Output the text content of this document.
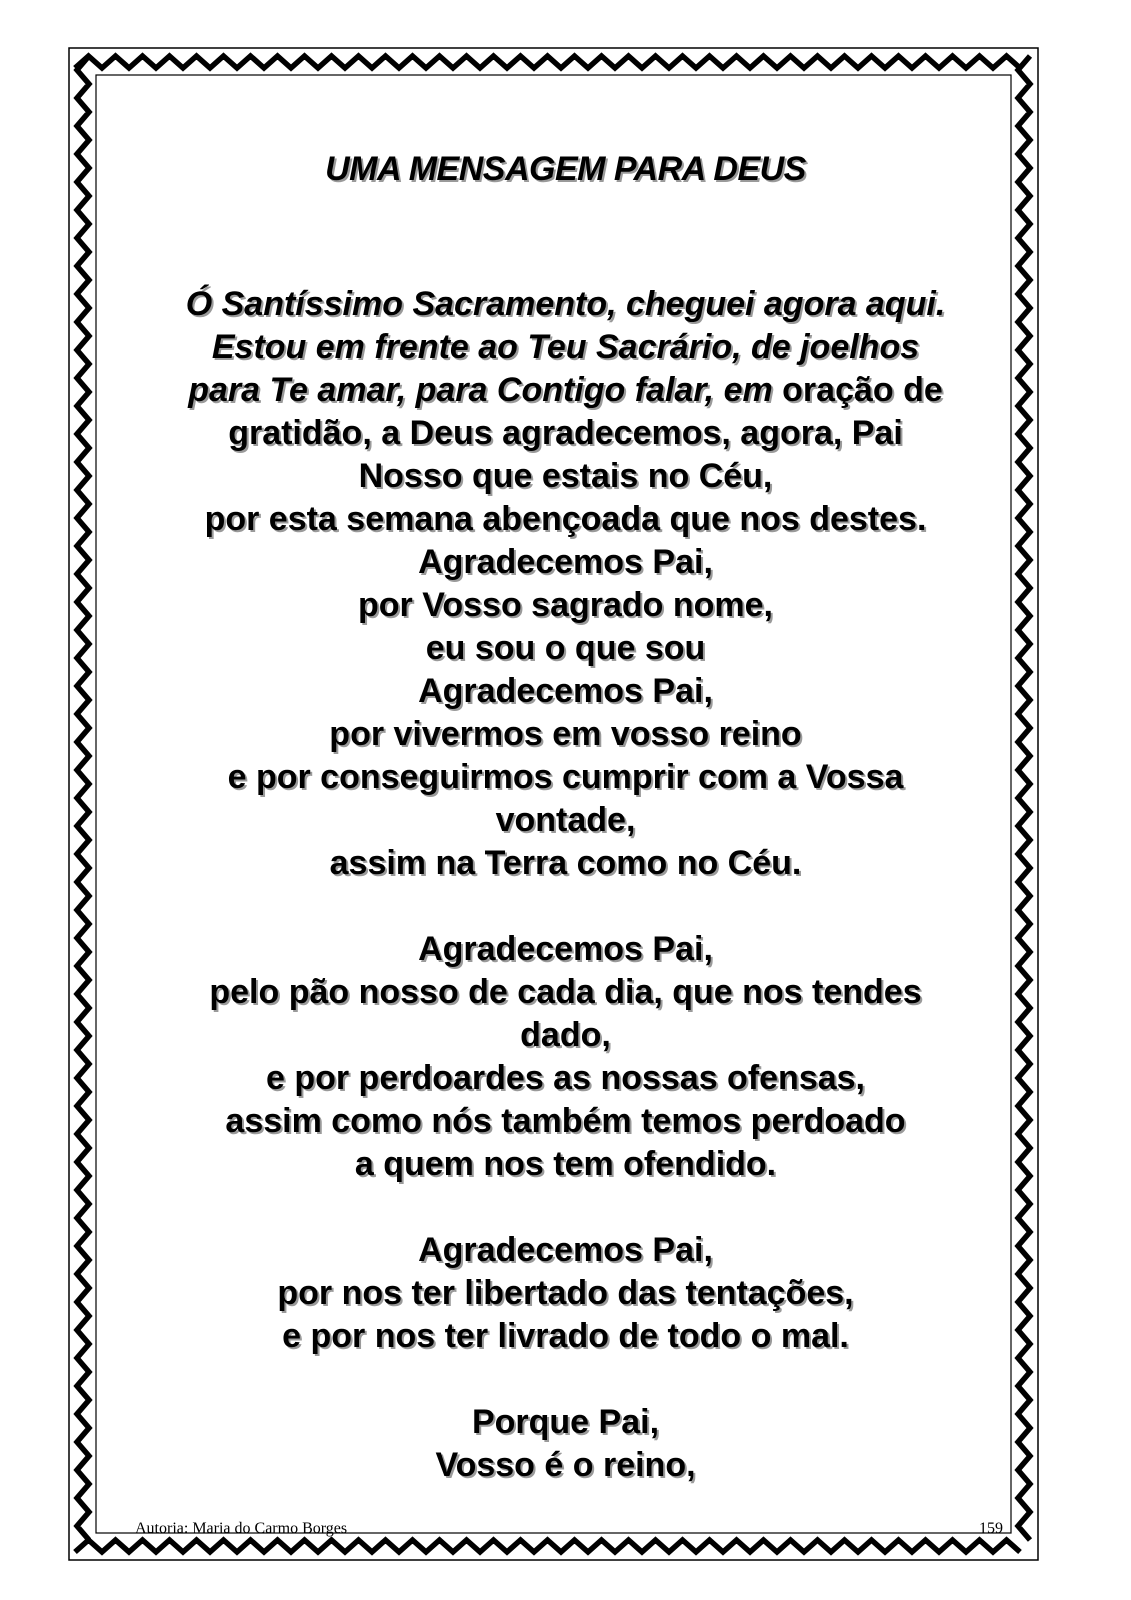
UMA MENSAGEM PARA DEUS
Ó Santíssimo Sacramento, cheguei agora aqui.
Estou em frente ao Teu Sacrário, de joelhos
para Te amar, para Contigo falar, em oração de
gratidão, a Deus agradecemos, agora, Pai
Nosso que estais no Céu,
por esta semana abençoada que nos destes.
Agradecemos Pai,
por Vosso sagrado nome,
eu sou o que sou
Agradecemos Pai,
por vivermos em vosso reino
e por conseguirmos cumprir com a Vossa
vontade,
assim na Terra como no Céu.
Agradecemos Pai,
pelo pão nosso de cada dia, que nos tendes
dado,
e por perdoardes as nossas ofensas,
assim como nós também temos perdoado
a quem nos tem ofendido.
Agradecemos Pai,
por nos ter libertado das tentações,
e por nos ter livrado de todo o mal.
Porque Pai,
Vosso é o reino,
Autoria: Maria do Carmo Borges	159
